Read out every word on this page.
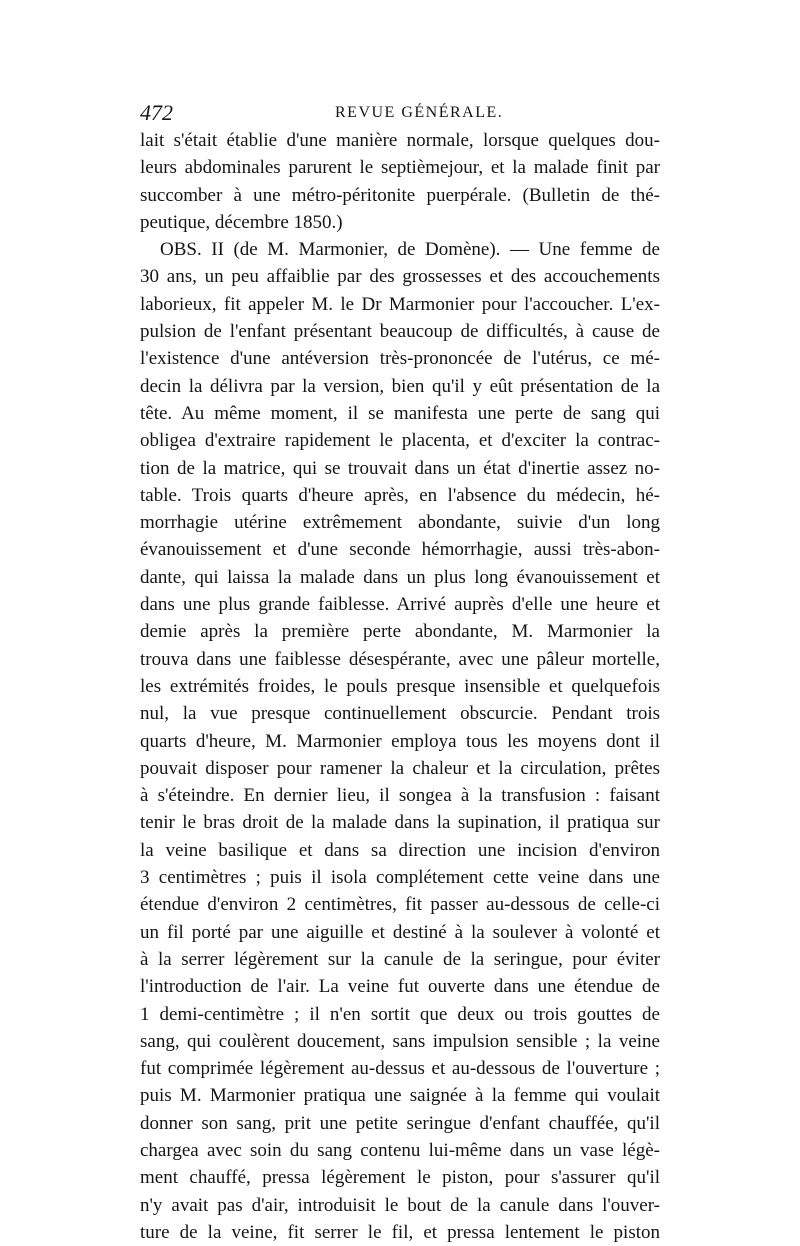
472	REVUE GÉNÉRALE.
lait s'était établie d'une manière normale, lorsque quelques dou-
leurs abdominales parurent le septièmejour, et la malade finit par
succomber à une métro-péritonite puerpérale. (Bulletin de thé-
peutique, décembre 1850.)
OBS. II (de M. Marmonier, de Domène). — Une femme de
30 ans, un peu affaiblie par des grossesses et des accouchements
laborieux, fit appeler M. le Dr Marmonier pour l'accoucher. L'ex-
pulsion de l'enfant présentant beaucoup de difficultés, à cause de
l'existence d'une antéversion très-prononcée de l'utérus, ce mé-
decin la délivra par la version, bien qu'il y eût présentation de la
tête. Au même moment, il se manifesta une perte de sang qui
obligea d'extraire rapidement le placenta, et d'exciter la contrac-
tion de la matrice, qui se trouvait dans un état d'inertie assez no-
table. Trois quarts d'heure après, en l'absence du médecin, hé-
morrhagie utérine extrêmement abondante, suivie d'un long
évanouissement et d'une seconde hémorrhagie, aussi très-abon-
dante, qui laissa la malade dans un plus long évanouissement et
dans une plus grande faiblesse. Arrivé auprès d'elle une heure et
demie après la première perte abondante, M. Marmonier la
trouva dans une faiblesse désespérante, avec une pâleur mortelle,
les extrémités froides, le pouls presque insensible et quelquefois
nul, la vue presque continuellement obscurcie. Pendant trois
quarts d'heure, M. Marmonier employa tous les moyens dont il
pouvait disposer pour ramener la chaleur et la circulation, prêtes
à s'éteindre. En dernier lieu, il songea à la transfusion : faisant
tenir le bras droit de la malade dans la supination, il pratiqua sur
la veine basilique et dans sa direction une incision d'environ
3 centimètres ; puis il isola complétement cette veine dans une
étendue d'environ 2 centimètres, fit passer au-dessous de celle-ci
un fil porté par une aiguille et destiné à la soulever à volonté et
à la serrer légèrement sur la canule de la seringue, pour éviter
l'introduction de l'air. La veine fut ouverte dans une étendue de
1 demi-centimètre ; il n'en sortit que deux ou trois gouttes de
sang, qui coulèrent doucement, sans impulsion sensible ; la veine
fut comprimée légèrement au-dessus et au-dessous de l'ouverture ;
puis M. Marmonier pratiqua une saignée à la femme qui voulait
donner son sang, prit une petite seringue d'enfant chauffée, qu'il
chargea avec soin du sang contenu lui-même dans un vase légè-
ment chauffé, pressa légèrement le piston, pour s'assurer qu'il
n'y avait pas d'air, introduisit le bout de la canule dans l'ouver-
ture de la veine, fit serrer le fil, et pressa lentement le piston
